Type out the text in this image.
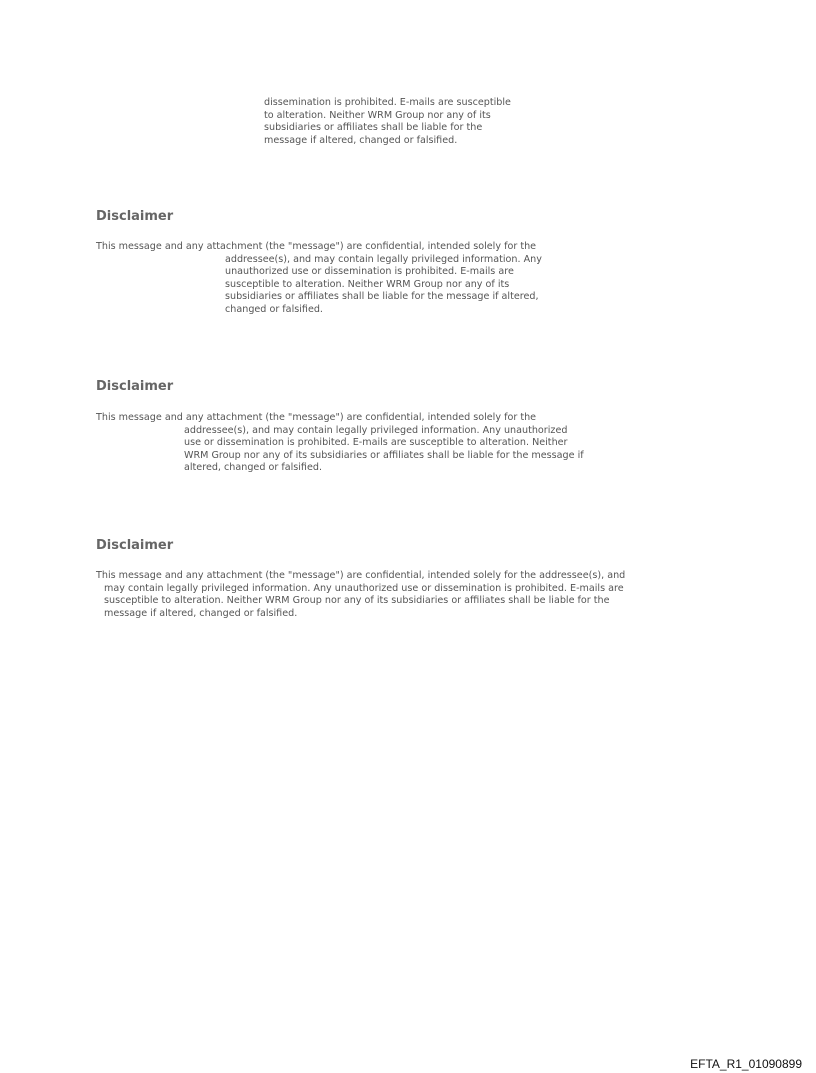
dissemination is prohibited. E-mails are susceptible
to alteration. Neither WRM Group nor any of its
subsidiaries or affiliates shall be liable for the
message if altered, changed or falsified.
Disclaimer
This message and any attachment (the "message") are confidential, intended solely for the
addressee(s), and may contain legally privileged information. Any
unauthorized use or dissemination is prohibited. E-mails are
susceptible to alteration. Neither WRM Group nor any of its
subsidiaries or affiliates shall be liable for the message if altered,
changed or falsified.
Disclaimer
This message and any attachment (the "message") are confidential, intended solely for the
addressee(s), and may contain legally privileged information. Any unauthorized
use or dissemination is prohibited. E-mails are susceptible to alteration. Neither
WRM Group nor any of its subsidiaries or affiliates shall be liable for the message if
altered, changed or falsified.
Disclaimer
This message and any attachment (the "message") are confidential, intended solely for the addressee(s), and
may contain legally privileged information. Any unauthorized use or dissemination is prohibited. E-mails are
susceptible to alteration. Neither WRM Group nor any of its subsidiaries or affiliates shall be liable for the
message if altered, changed or falsified.
EFTA_R1_01090899
